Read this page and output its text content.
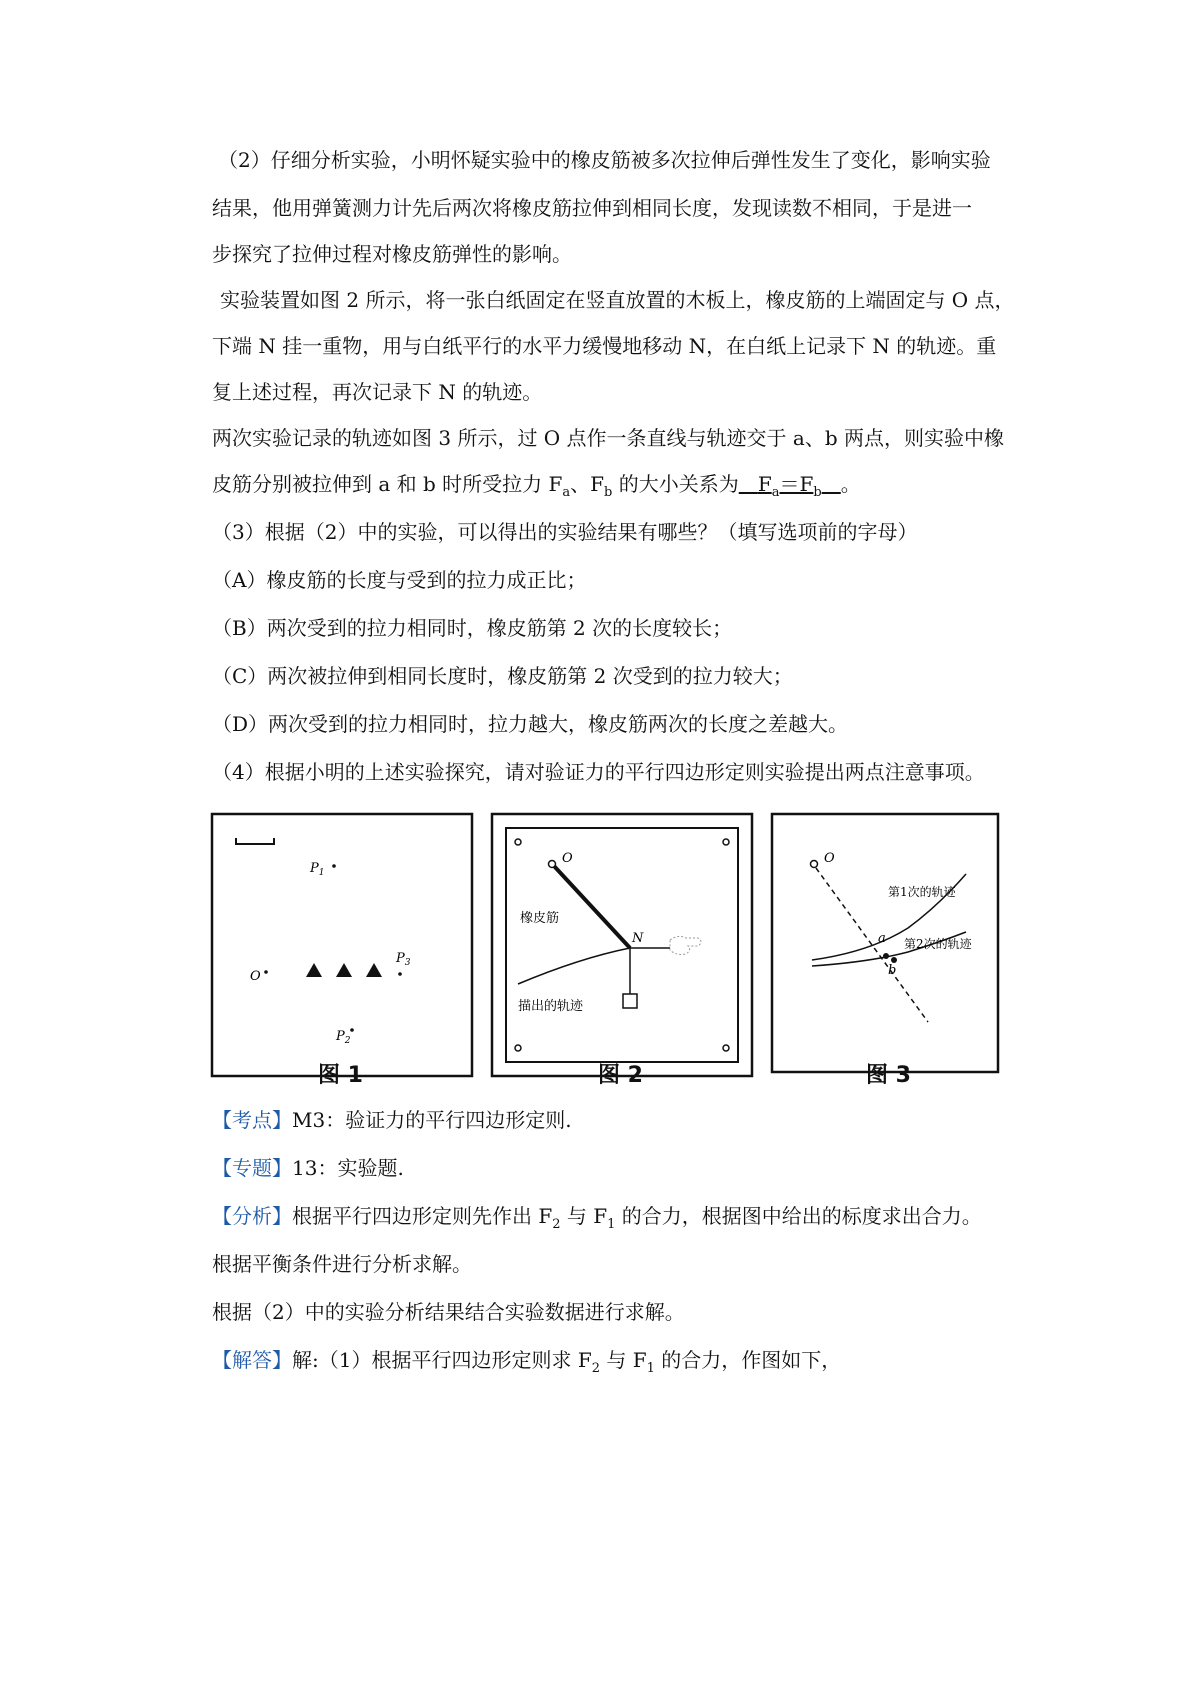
（2）仔细分析实验，小明怀疑实验中的橡皮筋被多次拉伸后弹性发生了变化，影响实验
结果，他用弹簧测力计先后两次将橡皮筋拉伸到相同长度，发现读数不相同，于是进一
步探究了拉伸过程对橡皮筋弹性的影响。
实验装置如图 2 所示，将一张白纸固定在竖直放置的木板上，橡皮筋的上端固定与 O 点，
下端 N 挂一重物，用与白纸平行的水平力缓慢地移动 N，在白纸上记录下 N 的轨迹。重
复上述过程，再次记录下 N 的轨迹。
两次实验记录的轨迹如图 3 所示，过 O 点作一条直线与轨迹交于 a、b 两点，则实验中橡
皮筋分别被拉伸到 a 和 b 时所受拉力 $F_a$、$F_b$ 的大小关系为 $F_a=F_b$ 。
（3）根据（2）中的实验，可以得出的实验结果有哪些？（填写选项前的字母）
（A）橡皮筋的长度与受到的拉力成正比；
（B）两次受到的拉力相同时，橡皮筋第 2 次的长度较长；
（C）两次被拉伸到相同长度时，橡皮筋第 2 次受到的拉力较大；
（D）两次受到的拉力相同时，拉力越大，橡皮筋两次的长度之差越大。
（4）根据小明的上述实验探究，请对验证力的平行四边形定则实验提出两点注意事项。
$P_1$
O
$P_3$
$P_2$
O
N
橡皮筋
描出的轨迹
O
第1次的轨迹
第2次的轨迹
a
b
图 1	图 2	图 3
【考点】M3：验证力的平行四边形定则.
【专题】13：实验题.
【分析】根据平行四边形定则先作出 $F_2$ 与 $F_1$ 的合力，根据图中给出的标度求出合力。
根据平衡条件进行分析求解。
根据（2）中的实验分析结果结合实验数据进行求解。
【解答】解:（1）根据平行四边形定则求 $F_2$ 与 $F_1$ 的合力，作图如下，
